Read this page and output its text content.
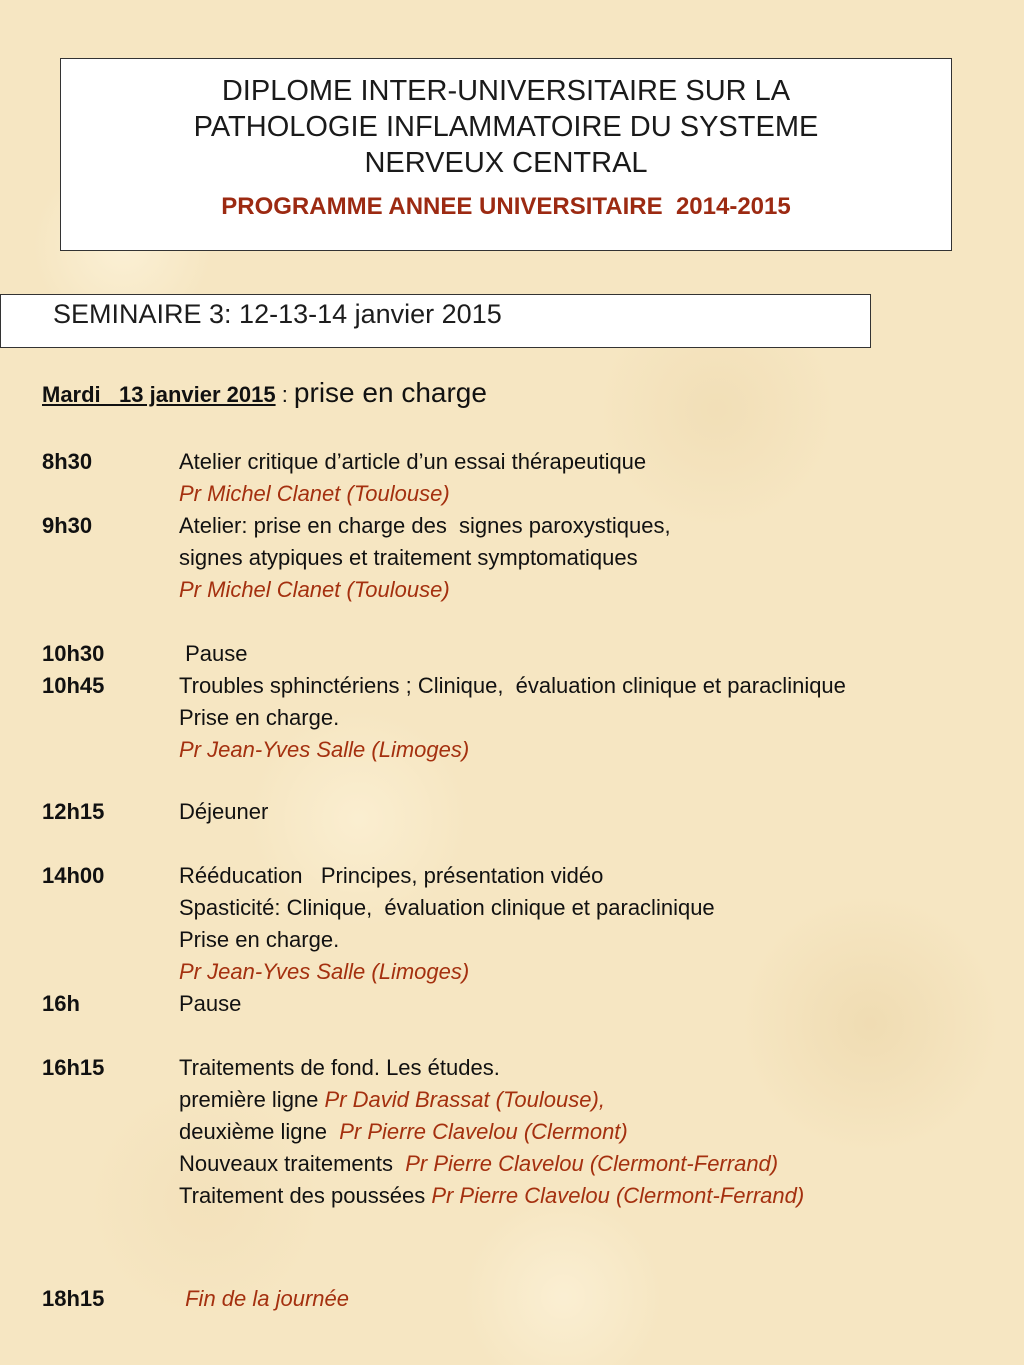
DIPLOME INTER-UNIVERSITAIRE SUR LA
PATHOLOGIE INFLAMMATOIRE DU SYSTEME
NERVEUX CENTRAL
PROGRAMME ANNEE UNIVERSITAIRE  2014-2015
SEMINAIRE 3: 12-13-14 janvier 2015
Mardi   13 janvier 2015 : prise en charge
8h30	Atelier critique d’article d’un essai thérapeutique
Pr Michel Clanet (Toulouse)
9h30	Atelier: prise en charge des  signes paroxystiques,
signes atypiques et traitement symptomatiques
Pr Michel Clanet (Toulouse)
10h30	Pause
10h45	Troubles sphinctériens ; Clinique,  évaluation clinique et paraclinique
Prise en charge.
Pr Jean-Yves Salle (Limoges)
12h15	Déjeuner
14h00	Rééducation   Principes, présentation vidéo
Spasticité: Clinique,  évaluation clinique et paraclinique
Prise en charge.
Pr Jean-Yves Salle (Limoges)
16h	Pause
16h15	Traitements de fond. Les études.
première ligne Pr David Brassat (Toulouse),
deuxième ligne  Pr Pierre Clavelou (Clermont)
Nouveaux traitements  Pr Pierre Clavelou (Clermont-Ferrand)
Traitement des poussées Pr Pierre Clavelou (Clermont-Ferrand)
18h15	Fin de la journée
